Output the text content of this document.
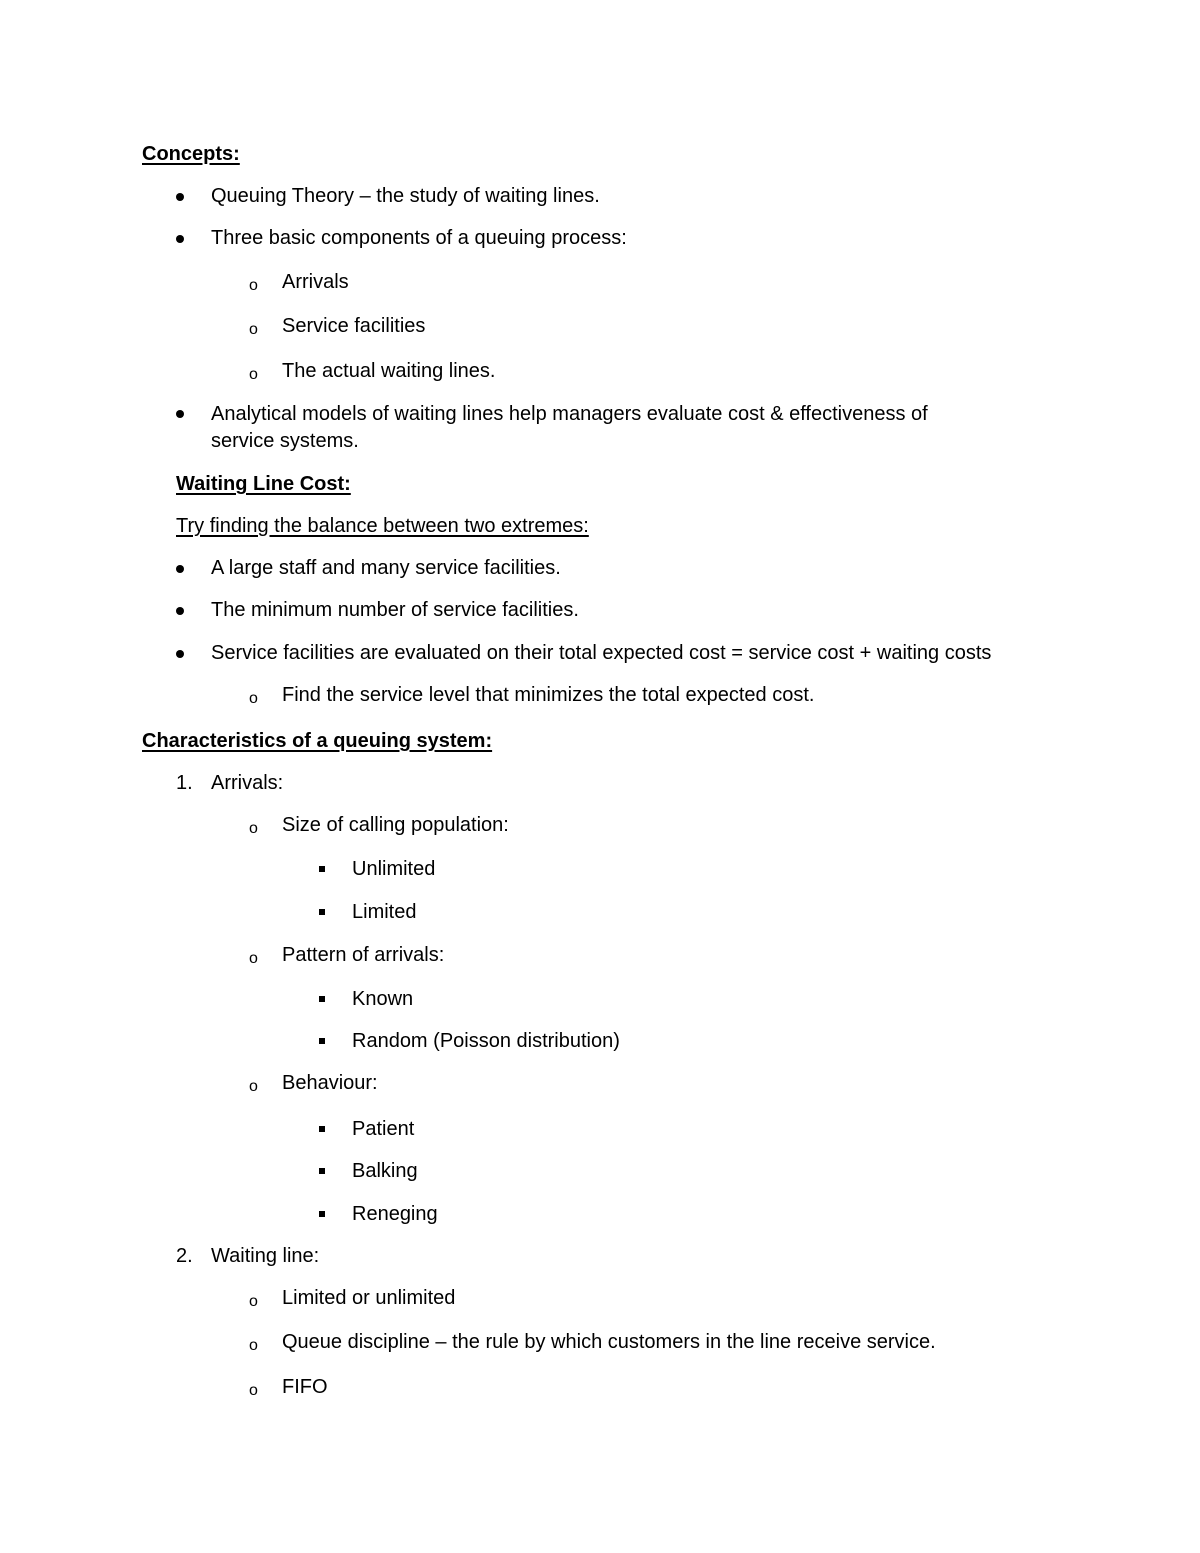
Concepts:
Queuing Theory – the study of waiting lines.
Three basic components of a queuing process:
o Arrivals
o Service facilities
o The actual waiting lines.
Analytical models of waiting lines help managers evaluate cost & effectiveness of
service systems.
Waiting Line Cost:
Try finding the balance between two extremes:
A large staff and many service facilities.
The minimum number of service facilities.
Service facilities are evaluated on their total expected cost = service cost + waiting costs
o Find the service level that minimizes the total expected cost.
Characteristics of a queuing system:
1. Arrivals:
o Size of calling population:
Unlimited
Limited
o Pattern of arrivals:
Known
Random (Poisson distribution)
o Behaviour:
Patient
Balking
Reneging
2. Waiting line:
o Limited or unlimited
o Queue discipline – the rule by which customers in the line receive service.
o FIFO
